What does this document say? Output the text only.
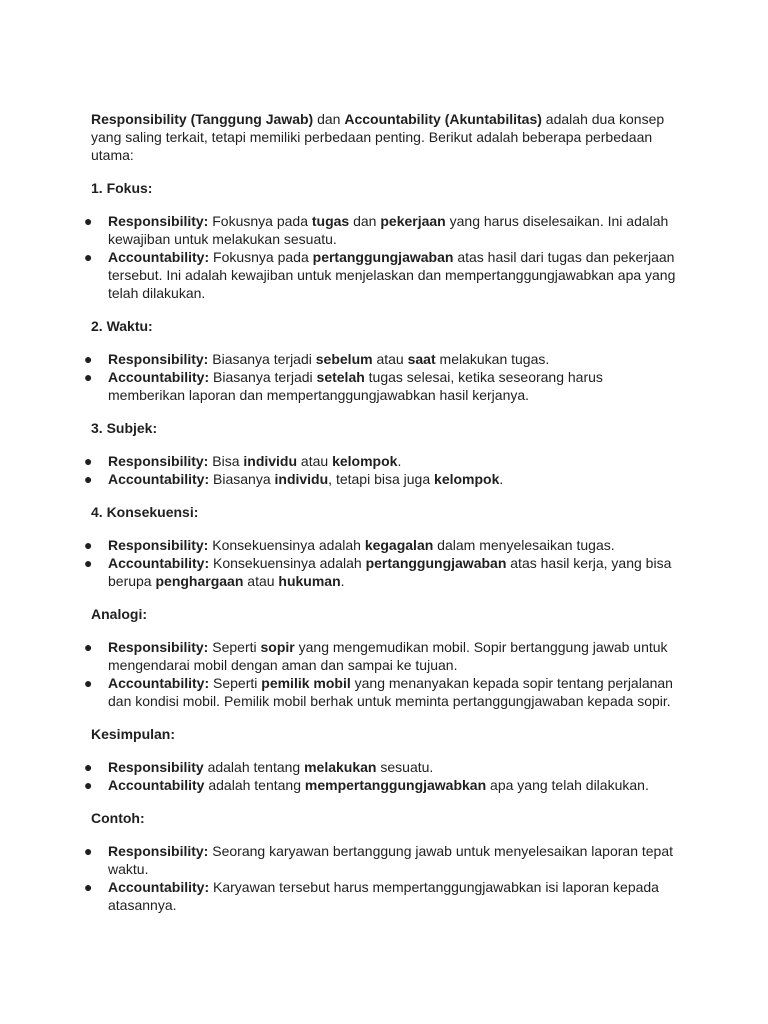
Responsibility (Tanggung Jawab) dan Accountability (Akuntabilitas) adalah dua konsep yang saling terkait, tetapi memiliki perbedaan penting. Berikut adalah beberapa perbedaan utama:

1. Fokus:

● Responsibility: Fokusnya pada tugas dan pekerjaan yang harus diselesaikan. Ini adalah kewajiban untuk melakukan sesuatu.
● Accountability: Fokusnya pada pertanggungjawaban atas hasil dari tugas dan pekerjaan tersebut. Ini adalah kewajiban untuk menjelaskan dan mempertanggungjawabkan apa yang telah dilakukan.

2. Waktu:

● Responsibility: Biasanya terjadi sebelum atau saat melakukan tugas.
● Accountability: Biasanya terjadi setelah tugas selesai, ketika seseorang harus memberikan laporan dan mempertanggungjawabkan hasil kerjanya.

3. Subjek:

● Responsibility: Bisa individu atau kelompok.
● Accountability: Biasanya individu, tetapi bisa juga kelompok.

4. Konsekuensi:

● Responsibility: Konsekuensinya adalah kegagalan dalam menyelesaikan tugas.
● Accountability: Konsekuensinya adalah pertanggungjawaban atas hasil kerja, yang bisa berupa penghargaan atau hukuman.

Analogi:

● Responsibility: Seperti sopir yang mengemudikan mobil. Sopir bertanggung jawab untuk mengendarai mobil dengan aman dan sampai ke tujuan.
● Accountability: Seperti pemilik mobil yang menanyakan kepada sopir tentang perjalanan dan kondisi mobil. Pemilik mobil berhak untuk meminta pertanggungjawaban kepada sopir.

Kesimpulan:

● Responsibility adalah tentang melakukan sesuatu.
● Accountability adalah tentang mempertanggungjawabkan apa yang telah dilakukan.

Contoh:

● Responsibility: Seorang karyawan bertanggung jawab untuk menyelesaikan laporan tepat waktu.
● Accountability: Karyawan tersebut harus mempertanggungjawabkan isi laporan kepada atasannya.
